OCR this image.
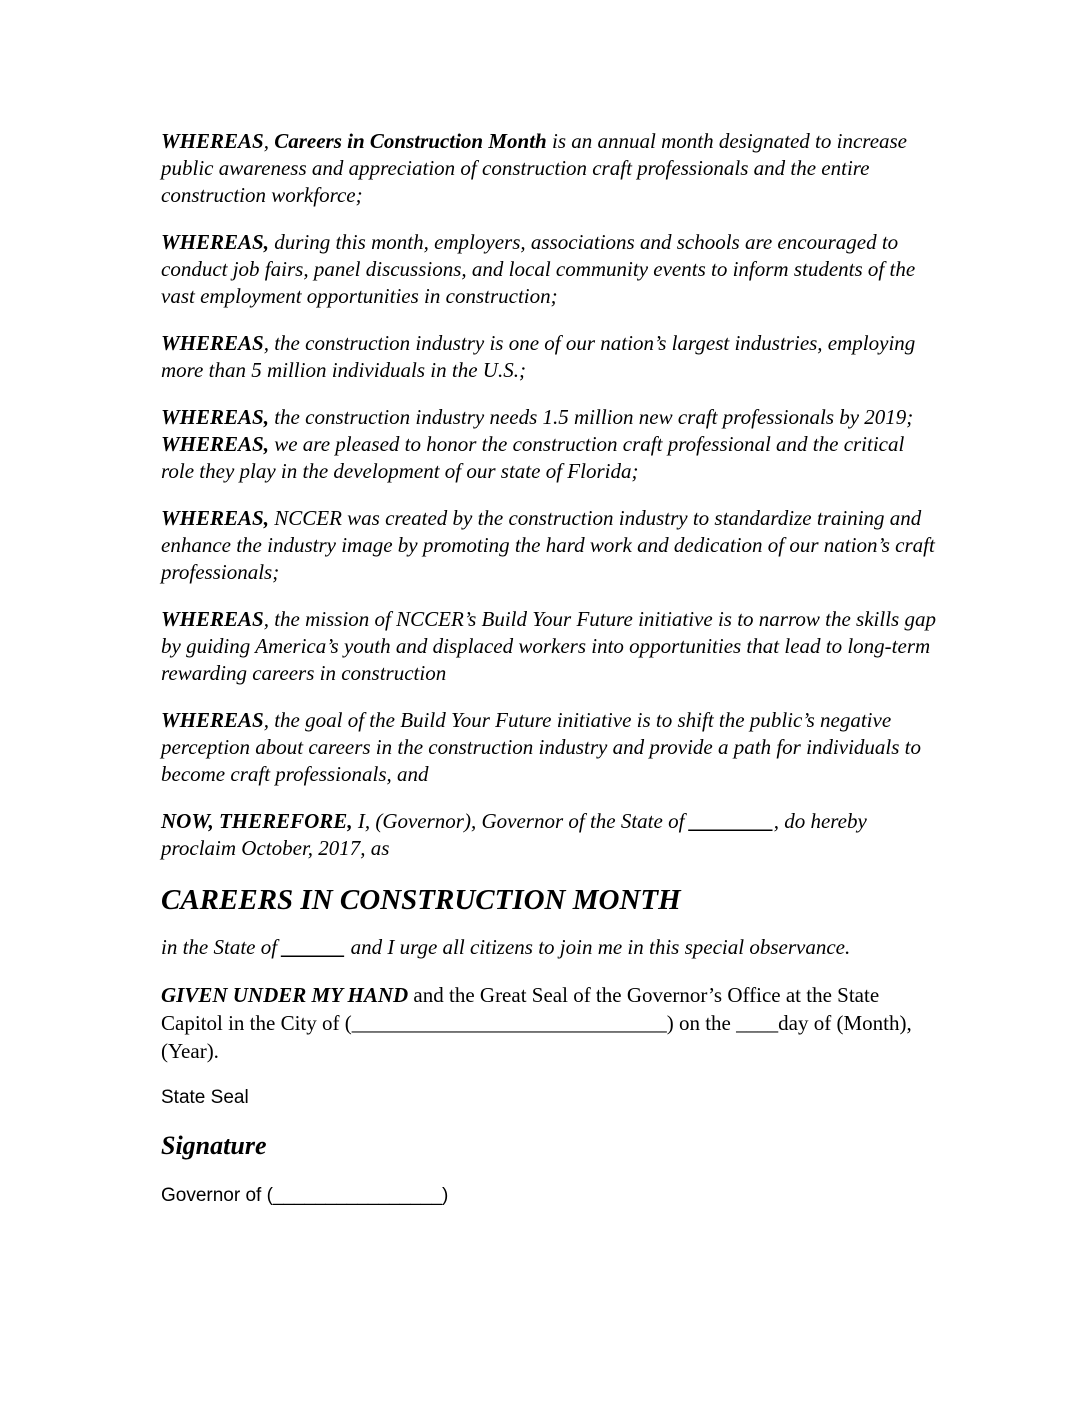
WHEREAS, Careers in Construction Month is an annual month designated to increase public awareness and appreciation of construction craft professionals and the entire construction workforce;

WHEREAS, during this month, employers, associations and schools are encouraged to conduct job fairs, panel discussions, and local community events to inform students of the vast employment opportunities in construction;

WHEREAS, the construction industry is one of our nation’s largest industries, employing more than 5 million individuals in the U.S.;

WHEREAS, the construction industry needs 1.5 million new craft professionals by 2019; WHEREAS, we are pleased to honor the construction craft professional and the critical role they play in the development of our state of Florida;

WHEREAS, NCCER was created by the construction industry to standardize training and enhance the industry image by promoting the hard work and dedication of our nation’s craft professionals;

WHEREAS, the mission of NCCER’s Build Your Future initiative is to narrow the skills gap by guiding America’s youth and displaced workers into opportunities that lead to long-term rewarding careers in construction

WHEREAS, the goal of the Build Your Future initiative is to shift the public’s negative perception about careers in the construction industry and provide a path for individuals to become craft professionals, and

NOW, THEREFORE, I, (Governor), Governor of the State of ________, do hereby proclaim October, 2017, as

CAREERS IN CONSTRUCTION MONTH

in the State of ______ and I urge all citizens to join me in this special observance.

GIVEN UNDER MY HAND and the Great Seal of the Governor’s Office at the State Capitol in the City of (______________________________) on the ____day of (Month),(Year).

State Seal

Signature

Governor of (________________)
